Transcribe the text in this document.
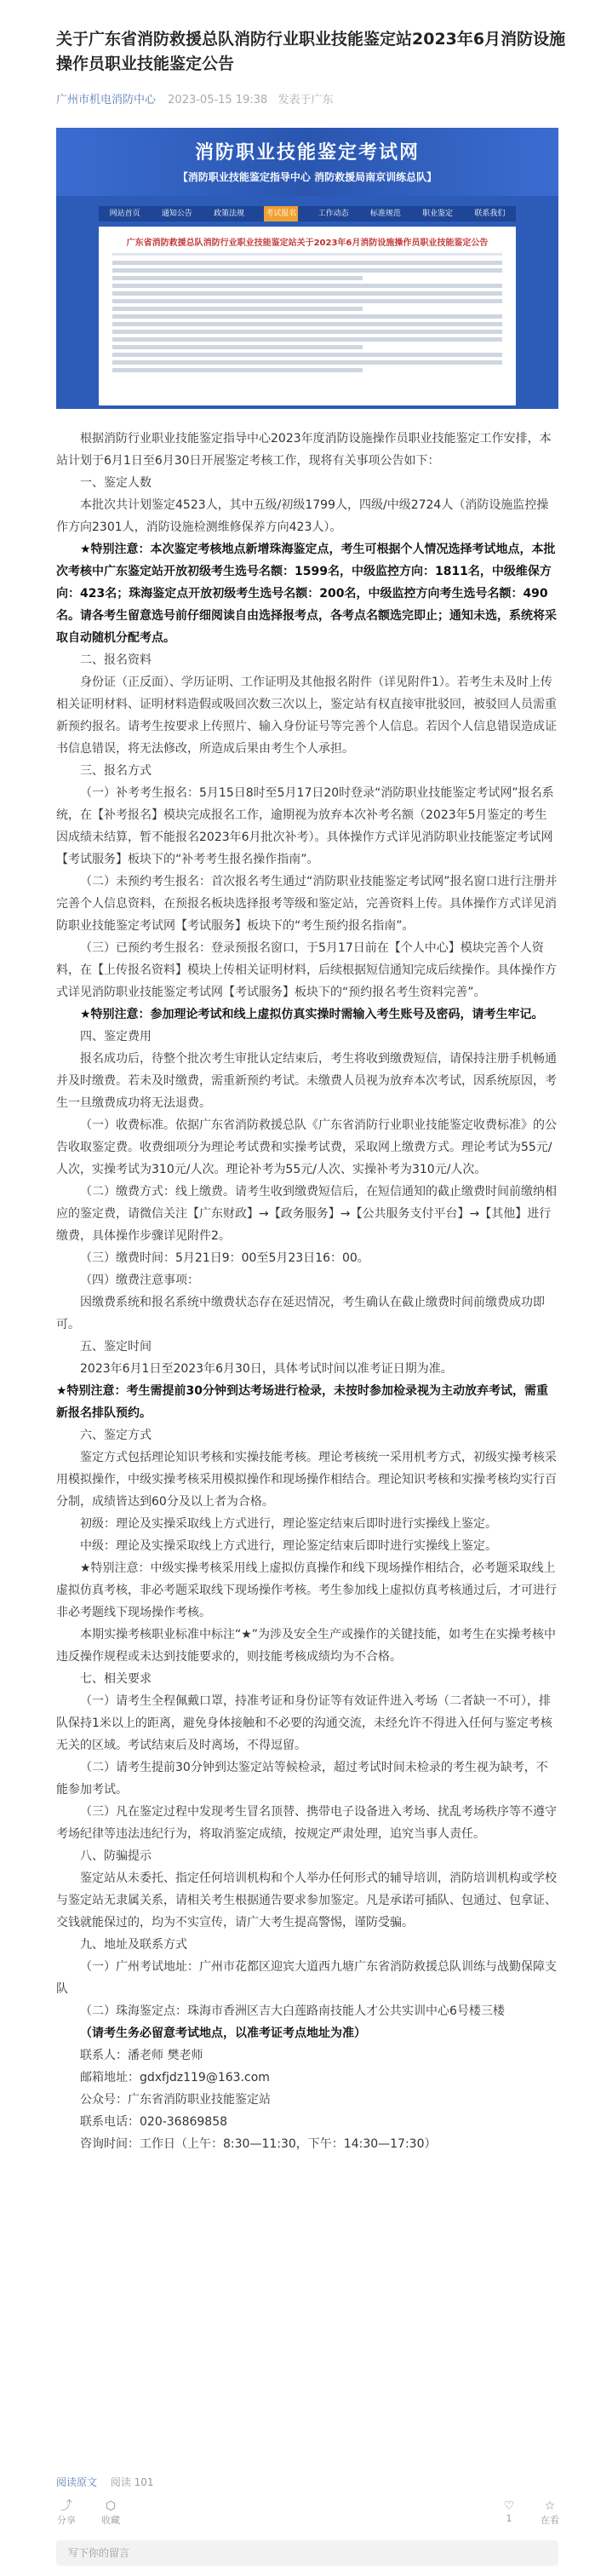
关于广东省消防救援总队消防行业职业技能鉴定站2023年6月消防设施操作员职业技能鉴定公告
广州市机电消防中心 2023-05-15 19:38 发表于广东
消防职业技能鉴定考试网
【消防职业技能鉴定指导中心 消防救援局南京训练总队】
网站首页	通知公告	政策法规	考试报名	工作动态	标准规范	职业鉴定	联系我们
广东省消防救援总队消防行业职业技能鉴定站关于2023年6月消防设施操作员职业技能鉴定公告

根据消防行业职业技能鉴定指导中心2023年度消防设施操作员职业技能鉴定工作安排，本站计划于6月1日至6月30日开展鉴定考核工作，现将有关事项公告如下：

一、鉴定人数

本批次共计划鉴定4523人，其中五级/初级1799人，四级/中级2724人（消防设施监控操作方向2301人，消防设施检测维修保养方向423人）。

★特别注意：本次鉴定考核地点新增珠海鉴定点，考生可根据个人情况选择考试地点，本批次考核中广东鉴定站开放初级考生选号名额：1599名，中级监控方向：1811名，中级维保方向：423名；珠海鉴定点开放初级考生选号名额：200名，中级监控方向考生选号名额：490名。请各考生留意选号前仔细阅读自由选择报考点，各考点名额选完即止；通知未选，系统将采取自动随机分配考点。

二、报名资料

身份证（正反面）、学历证明、工作证明及其他报名附件（详见附件1）。若考生未及时上传相关证明材料、证明材料造假或吸回次数三次以上，鉴定站有权直接审批驳回，被驳回人员需重新预约报名。请考生按要求上传照片、输入身份证号等完善个人信息。若因个人信息错误造成证书信息错误，将无法修改，所造成后果由考生个人承担。

三、报名方式

（一）补考考生报名：5月15日8时至5月17日20时登录“消防职业技能鉴定考试网”报名系统，在【补考报名】模块完成报名工作，逾期视为放弃本次补考名额（2023年5月鉴定的考生因成绩未结算，暂不能报名2023年6月批次补考）。具体操作方式详见消防职业技能鉴定考试网【考试服务】板块下的“补考考生报名操作指南”。

（二）未预约考生报名：首次报名考生通过“消防职业技能鉴定考试网”报名窗口进行注册并完善个人信息资料，在预报名板块选择报考等级和鉴定站，完善资料上传。具体操作方式详见消防职业技能鉴定考试网【考试服务】板块下的“考生预约报名指南”。

（三）已预约考生报名：登录预报名窗口，于5月17日前在【个人中心】模块完善个人资料，在【上传报名资料】模块上传相关证明材料，后续根据短信通知完成后续操作。具体操作方式详见消防职业技能鉴定考试网【考试服务】板块下的“预约报名考生资料完善”。

★特别注意：参加理论考试和线上虚拟仿真实操时需输入考生账号及密码，请考生牢记。

四、鉴定费用

报名成功后，待整个批次考生审批认定结束后，考生将收到缴费短信，请保持注册手机畅通并及时缴费。若未及时缴费，需重新预约考试。未缴费人员视为放弃本次考试，因系统原因，考生一旦缴费成功将无法退费。

（一）收费标准。依据广东省消防救援总队《广东省消防行业职业技能鉴定收费标准》的公告收取鉴定费。收费细项分为理论考试费和实操考试费，采取网上缴费方式。理论考试为55元/人次，实操考试为310元/人次。理论补考为55元/人次、实操补考为310元/人次。

（二）缴费方式：线上缴费。请考生收到缴费短信后，在短信通知的截止缴费时间前缴纳相应的鉴定费，请微信关注【广东财政】→【政务服务】→【公共服务支付平台】→【其他】进行缴费，具体操作步骤详见附件2。

（三）缴费时间：5月21日9：00至5月23日16：00。

（四）缴费注意事项：

因缴费系统和报名系统中缴费状态存在延迟情况，考生确认在截止缴费时间前缴费成功即可。

五、鉴定时间

2023年6月1日至2023年6月30日，具体考试时间以准考证日期为准。

★特别注意：考生需提前30分钟到达考场进行检录，未按时参加检录视为主动放弃考试，需重新报名排队预约。

六、鉴定方式

鉴定方式包括理论知识考核和实操技能考核。理论考核统一采用机考方式，初级实操考核采用模拟操作，中级实操考核采用模拟操作和现场操作相结合。理论知识考核和实操考核均实行百分制，成绩皆达到60分及以上者为合格。

初级：理论及实操采取线上方式进行，理论鉴定结束后即时进行实操线上鉴定。

中级：理论及实操采取线上方式进行，理论鉴定结束后即时进行实操线上鉴定。

★特别注意：中级实操考核采用线上虚拟仿真操作和线下现场操作相结合，必考题采取线上虚拟仿真考核，非必考题采取线下现场操作考核。考生参加线上虚拟仿真考核通过后，才可进行非必考题线下现场操作考核。

本期实操考核职业标准中标注“★”为涉及安全生产或操作的关键技能，如考生在实操考核中违反操作规程或未达到技能要求的，则技能考核成绩均为不合格。

七、相关要求

（一）请考生全程佩戴口罩，持准考证和身份证等有效证件进入考场（二者缺一不可），排队保持1米以上的距离，避免身体接触和不必要的沟通交流，未经允许不得进入任何与鉴定考核无关的区域。考试结束后及时离场，不得逗留。

（二）请考生提前30分钟到达鉴定站等候检录，超过考试时间未检录的考生视为缺考，不能参加考试。

（三）凡在鉴定过程中发现考生冒名顶替、携带电子设备进入考场、扰乱考场秩序等不遵守考场纪律等违法违纪行为，将取消鉴定成绩，按规定严肃处理，追究当事人责任。

八、防骗提示

鉴定站从未委托、指定任何培训机构和个人举办任何形式的辅导培训，消防培训机构或学校与鉴定站无隶属关系，请相关考生根据通告要求参加鉴定。凡是承诺可插队、包通过、包拿证、交钱就能保过的，均为不实宣传，请广大考生提高警惕，谨防受骗。

九、地址及联系方式

（一）广州考试地址：广州市花都区迎宾大道西九塘广东省消防救援总队训练与战勤保障支队

（二）珠海鉴定点：珠海市香洲区吉大白莲路南技能人才公共实训中心6号楼三楼

（请考生务必留意考试地点，以准考证考点地址为准）

联系人：潘老师 樊老师

邮箱地址：gdxfjdz119@163.com

公众号：广东省消防职业技能鉴定站

联系电话：020-36869858

咨询时间：工作日（上午：8:30—11:30，下午：14:30—17:30）

阅读原文 阅读 101
⤴
分享
⬡
收藏
♡
1
☆
在看
写下你的留言
